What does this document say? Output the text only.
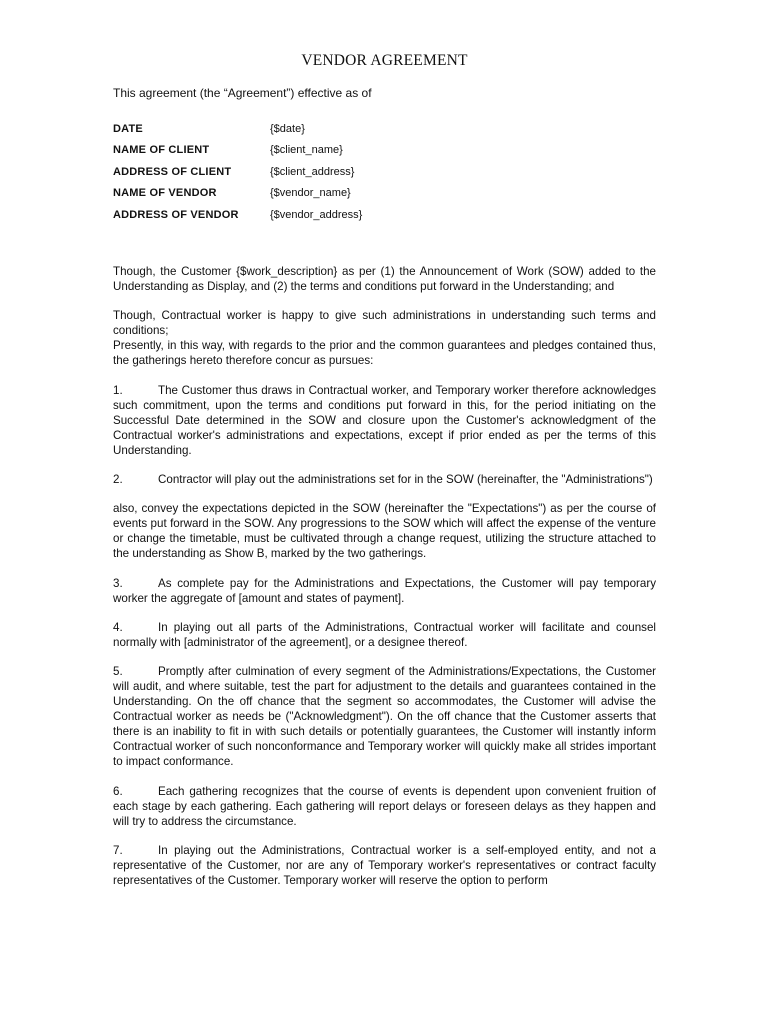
VENDOR AGREEMENT
This agreement (the “Agreement”) effective as of
DATE	{$date}
NAME OF CLIENT	{$client_name}
ADDRESS OF CLIENT	{$client_address}
NAME OF VENDOR	{$vendor_name}
ADDRESS OF VENDOR	{$vendor_address}

Though, the Customer {$work_description} as per (1) the Announcement of Work (SOW) added to the Understanding as Display, and (2) the terms and conditions put forward in the Understanding; and

Though, Contractual worker is happy to give such administrations in understanding such terms and conditions;

Presently, in this way, with regards to the prior and the common guarantees and pledges contained thus, the gatherings hereto therefore concur as pursues:

1.	The Customer thus draws in Contractual worker, and Temporary worker therefore acknowledges such commitment, upon the terms and conditions put forward in this, for the period initiating on the Successful Date determined in the SOW and closure upon the Customer's acknowledgment of the Contractual worker's administrations and expectations, except if prior ended as per the terms of this Understanding.

2.	Contractor will play out the administrations set for in the SOW (hereinafter, the "Administrations")

also, convey the expectations depicted in the SOW (hereinafter the "Expectations") as per the course of events put forward in the SOW. Any progressions to the SOW which will affect the expense of the venture or change the timetable, must be cultivated through a change request, utilizing the structure attached to the understanding as Show B, marked by the two gatherings.

3.	As complete pay for the Administrations and Expectations, the Customer will pay temporary worker the aggregate of [amount and states of payment].

4.	In playing out all parts of the Administrations, Contractual worker will facilitate and counsel normally with [administrator of the agreement], or a designee thereof.

5.	Promptly after culmination of every segment of the Administrations/Expectations, the Customer will audit, and where suitable, test the part for adjustment to the details and guarantees contained in the Understanding. On the off chance that the segment so accommodates, the Customer will advise the Contractual worker as needs be ("Acknowledgment"). On the off chance that the Customer asserts that there is an inability to fit in with such details or potentially guarantees, the Customer will instantly inform Contractual worker of such nonconformance and Temporary worker will quickly make all strides important to impact conformance.

6.	Each gathering recognizes that the course of events is dependent upon convenient fruition of each stage by each gathering. Each gathering will report delays or foreseen delays as they happen and will try to address the circumstance.

7.	In playing out the Administrations, Contractual worker is a self-employed entity, and not a representative of the Customer, nor are any of Temporary worker's representatives or contract faculty representatives of the Customer. Temporary worker will reserve the option to perform
